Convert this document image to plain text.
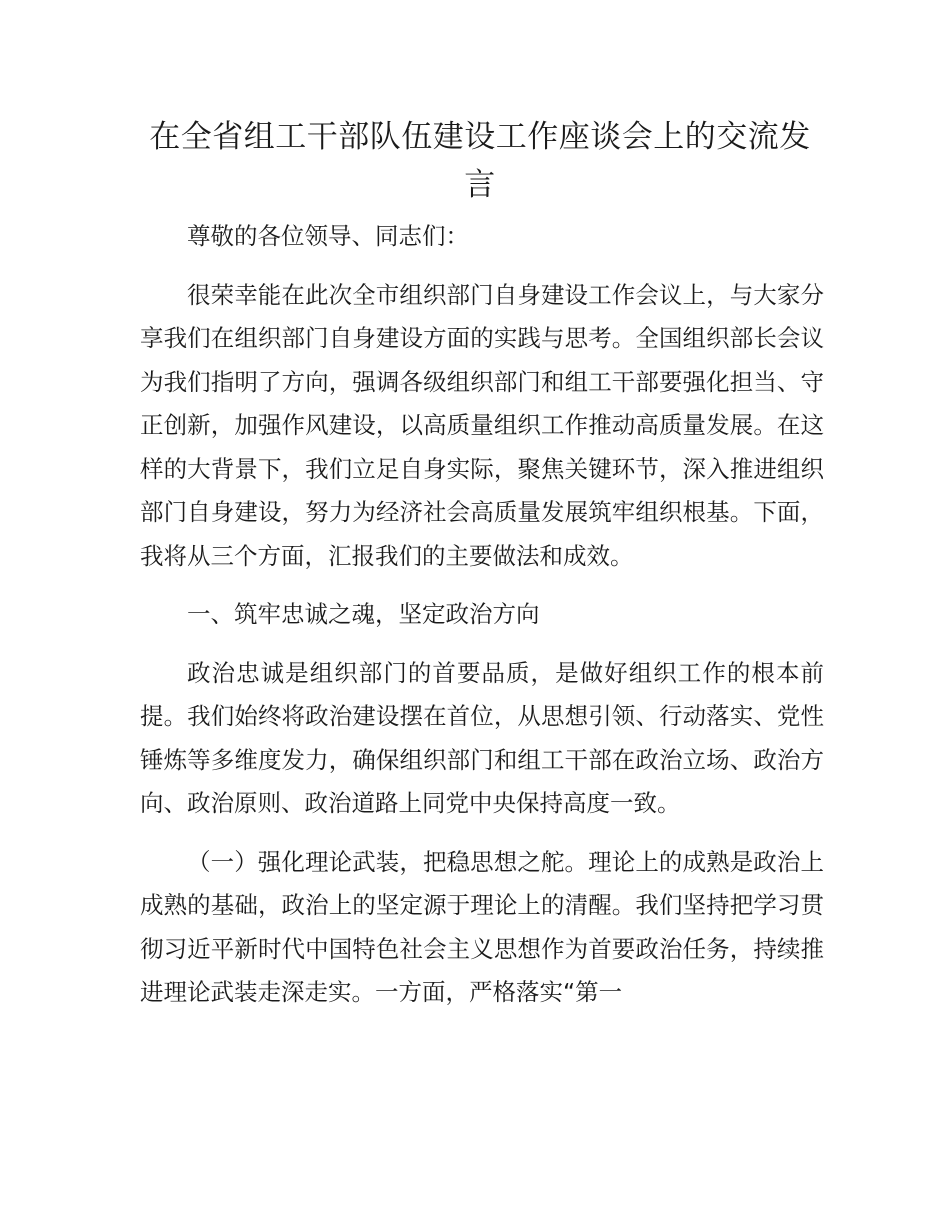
在全省组工干部队伍建设工作座谈会上的交流发言

尊敬的各位领导、同志们：

很荣幸能在此次全市组织部门自身建设工作会议上，与大家分享我们在组织部门自身建设方面的实践与思考。全国组织部长会议为我们指明了方向，强调各级组织部门和组工干部要强化担当、守正创新，加强作风建设，以高质量组织工作推动高质量发展。在这样的大背景下，我们立足自身实际，聚焦关键环节，深入推进组织部门自身建设，努力为经济社会高质量发展筑牢组织根基。下面，我将从三个方面，汇报我们的主要做法和成效。

一、筑牢忠诚之魂，坚定政治方向

政治忠诚是组织部门的首要品质，是做好组织工作的根本前提。我们始终将政治建设摆在首位，从思想引领、行动落实、党性锤炼等多维度发力，确保组织部门和组工干部在政治立场、政治方向、政治原则、政治道路上同党中央保持高度一致。

（一）强化理论武装，把稳思想之舵。理论上的成熟是政治上成熟的基础，政治上的坚定源于理论上的清醒。我们坚持把学习贯彻习近平新时代中国特色社会主义思想作为首要政治任务，持续推进理论武装走深走实。一方面，严格落实“第一
